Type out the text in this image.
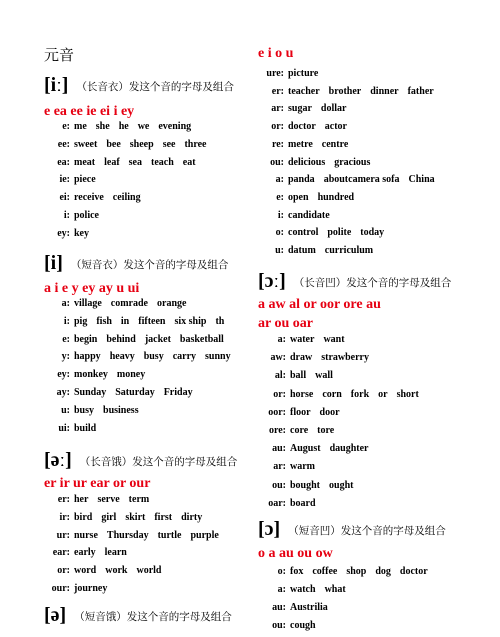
元音
[iː] （长音衣）发这个音的字母及组合
e ea ee ie ei i ey
e: me she he we evening
ee: sweet bee sheep see three
ea: meat leaf sea teach eat
ie: piece
ei: receive ceiling
i: police
ey: key
[i] （短音衣）发这个音的字母及组合
a i e y ey ay u ui
a: village comrade orange
i: pig fish in fifteen six ship th
e: begin behind jacket basketball
y: happy heavy busy carry sunny
ey: monkey money
ay: Sunday Saturday Friday
u: busy business
ui: build
[əː] （长音饿）发这个音的字母及组合
er ir ur ear or our
er: her serve term
ir: bird girl skirt first dirty
ur: nurse Thursday turtle purple
ear: early learn
or: word work world
our: journey
[ə] （短音饿）发这个音的字母及组合
e i o u
ure: picture
er: teacher brother dinner father
ar: sugar dollar
or: doctor actor
re: metre centre
ou: delicious gracious
a: panda aboutcamera sofa China
e: open hundred
i: candidate
o: control polite today
u: datum curriculum
[ɔː] （长音凹）发这个音的字母及组合
a aw al or oor ore au
ar ou oar
a: water want
aw: draw strawberry
al: ball wall
or: horse corn fork or short
oor: floor door
ore: core tore
au: August daughter
ar: warm
ou: bought ought
oar: board
[ɔ] （短音凹）发这个音的字母及组合
o a au ou ow
o: fox coffee shop dog doctor
a: watch what
au: Austrilia
ou: cough
